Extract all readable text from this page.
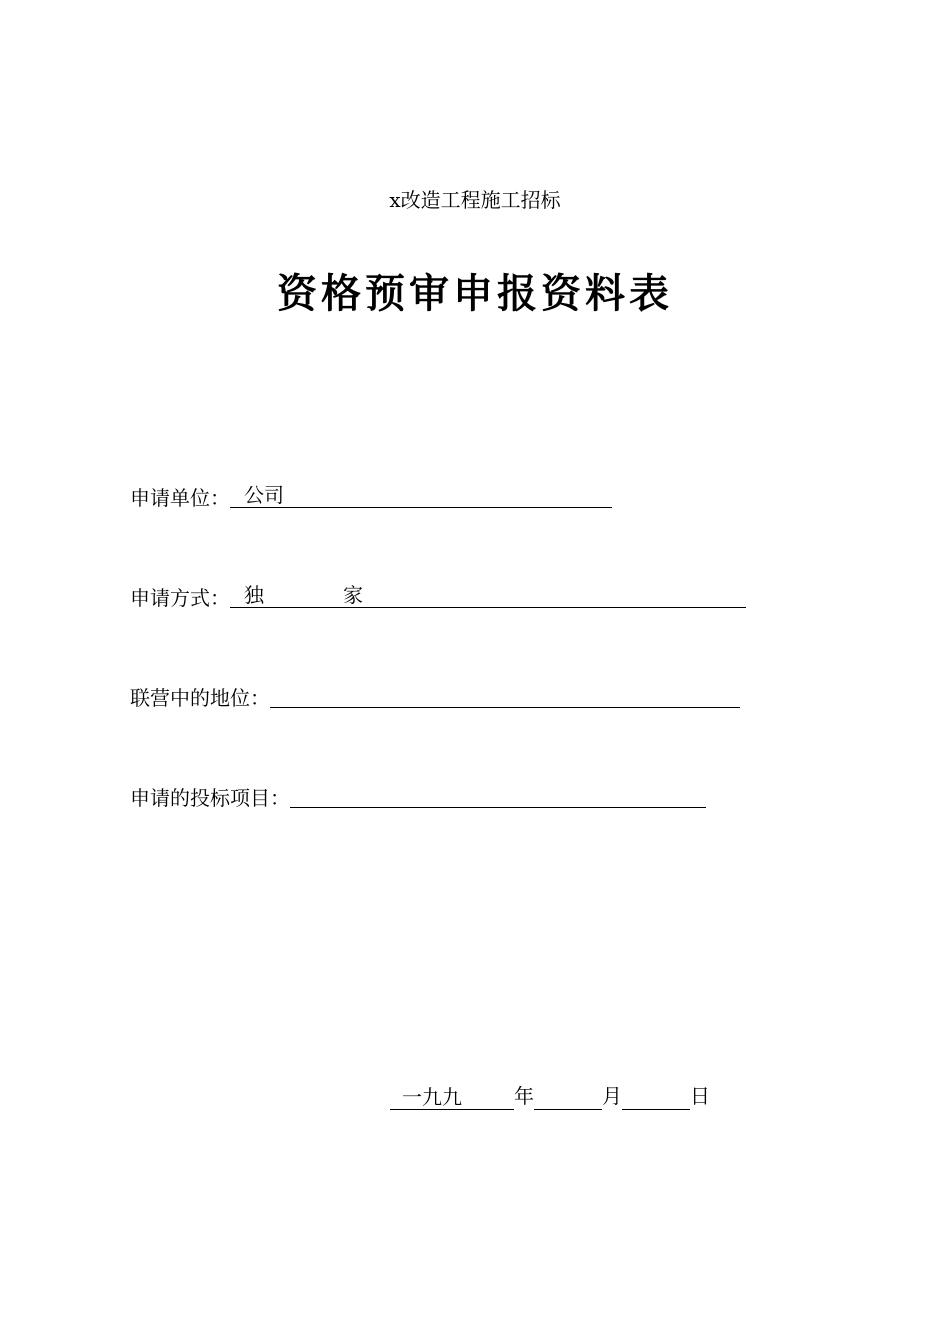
x改造工程施工招标
资格预审申报资料表
申请单位： 公司
申请方式： 独	家
联营中的地位：
申请的投标项目：
一九九	年	月	日
